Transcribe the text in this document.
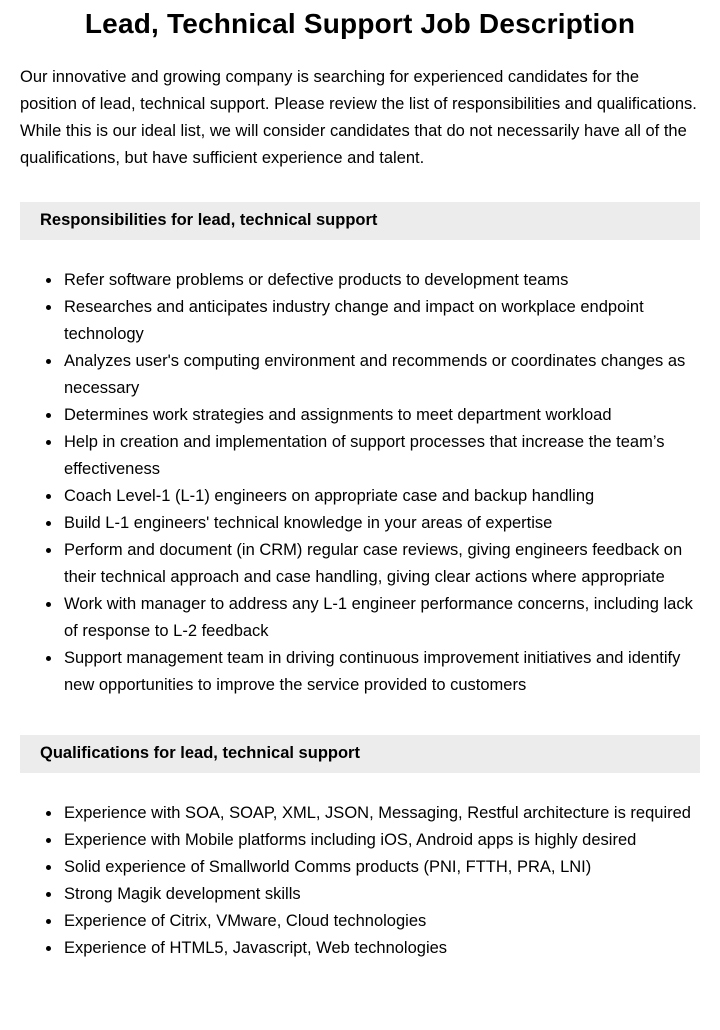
Lead, Technical Support Job Description

Our innovative and growing company is searching for experienced candidates for the position of lead, technical support. Please review the list of responsibilities and qualifications. While this is our ideal list, we will consider candidates that do not necessarily have all of the qualifications, but have sufficient experience and talent.

Responsibilities for lead, technical support
• Refer software problems or defective products to development teams
• Researches and anticipates industry change and impact on workplace endpoint technology
• Analyzes user's computing environment and recommends or coordinates changes as necessary
• Determines work strategies and assignments to meet department workload
• Help in creation and implementation of support processes that increase the team’s effectiveness
• Coach Level-1 (L-1) engineers on appropriate case and backup handling
• Build L-1 engineers' technical knowledge in your areas of expertise
• Perform and document (in CRM) regular case reviews, giving engineers feedback on their technical approach and case handling, giving clear actions where appropriate
• Work with manager to address any L-1 engineer performance concerns, including lack of response to L-2 feedback
• Support management team in driving continuous improvement initiatives and identify new opportunities to improve the service provided to customers
Qualifications for lead, technical support
• Experience with SOA, SOAP, XML, JSON, Messaging, Restful architecture is required
• Experience with Mobile platforms including iOS, Android apps is highly desired
• Solid experience of Smallworld Comms products (PNI, FTTH, PRA, LNI)
• Strong Magik development skills
• Experience of Citrix, VMware, Cloud technologies
• Experience of HTML5, Javascript, Web technologies
